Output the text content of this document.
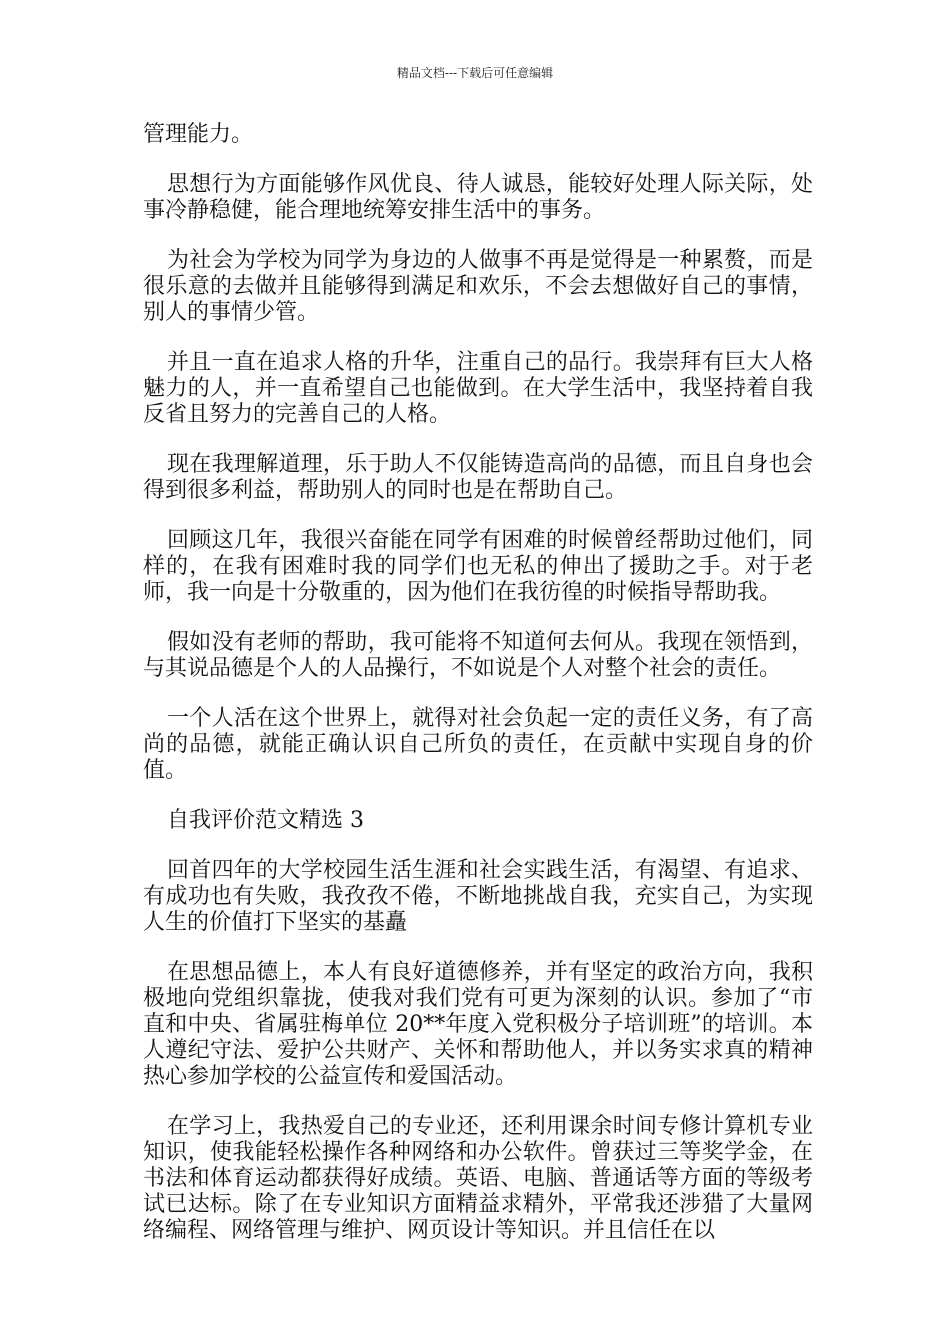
精品文档---下载后可任意编辑

管理能力。

思想行为方面能够作风优良、待人诚恳，能较好处理人际关际，处事冷静稳健，能合理地统筹安排生活中的事务。

为社会为学校为同学为身边的人做事不再是觉得是一种累赘，而是很乐意的去做并且能够得到满足和欢乐，不会去想做好自己的事情，别人的事情少管。

并且一直在追求人格的升华，注重自己的品行。我崇拜有巨大人格魅力的人，并一直希望自己也能做到。在大学生活中，我坚持着自我反省且努力的完善自己的人格。

现在我理解道理，乐于助人不仅能铸造高尚的品德，而且自身也会得到很多利益，帮助别人的同时也是在帮助自己。

回顾这几年，我很兴奋能在同学有困难的时候曾经帮助过他们，同样的，在我有困难时我的同学们也无私的伸出了援助之手。对于老师，我一向是十分敬重的，因为他们在我彷徨的时候指导帮助我。

假如没有老师的帮助，我可能将不知道何去何从。我现在领悟到，与其说品德是个人的人品操行，不如说是个人对整个社会的责任。

一个人活在这个世界上，就得对社会负起一定的责任义务，有了高尚的品德，就能正确认识自己所负的责任，在贡献中实现自身的价值。

自我评价范文精选 3

回首四年的大学校园生活生涯和社会实践生活，有渴望、有追求、有成功也有失败，我孜孜不倦，不断地挑战自我，充实自己，为实现人生的价值打下坚实的基矗

在思想品德上，本人有良好道德修养，并有坚定的政治方向，我积极地向党组织靠拢，使我对我们党有可更为深刻的认识。参加了“市直和中央、省属驻梅单位 20**年度入党积极分子培训班”的培训。本人遵纪守法、爱护公共财产、关怀和帮助他人，并以务实求真的精神热心参加学校的公益宣传和爱国活动。

在学习上，我热爱自己的专业还，还利用课余时间专修计算机专业知识，使我能轻松操作各种网络和办公软件。曾获过三等奖学金，在书法和体育运动都获得好成绩。英语、电脑、普通话等方面的等级考试已达标。除了在专业知识方面精益求精外，平常我还涉猎了大量网络编程、网络管理与维护、网页设计等知识。并且信任在以
